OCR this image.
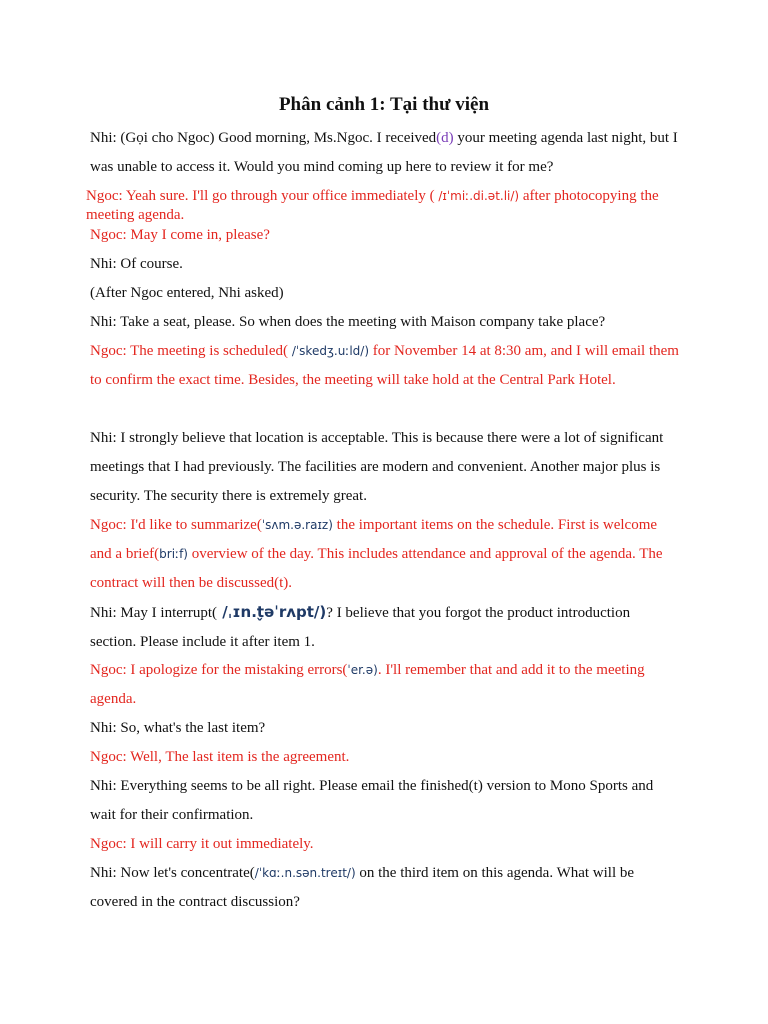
Phân cảnh 1: Tại thư viện

Nhi: (Gọi cho Ngoc) Good morning, Ms.Ngoc. I received(d) your meeting agenda last night, but I was unable to access it. Would you mind coming up here to review it for me?

Ngoc: Yeah sure. I'll go through your office immediately ( /ɪˈmiː.di.ət.li/) after photocopying the meeting agenda.

Ngoc: May I come in, please?

Nhi: Of course.

(After Ngoc entered, Nhi asked)

Nhi: Take a seat, please. So when does the meeting with Maison company take place?

Ngoc: The meeting is scheduled( /ˈskedʒ.uːld/) for November 14 at 8:30 am, and I will email them to confirm the exact time. Besides, the meeting will take hold at the Central Park Hotel.

Nhi: I strongly believe that location is acceptable. This is because there were a lot of significant meetings that I had previously. The facilities are modern and convenient. Another major plus is security. The security there is extremely great.

Ngoc: I'd like to summarize(ˈsʌm.ə.raɪz) the important items on the schedule. First is welcome and a brief(briːf) overview of the day. This includes attendance and approval of the agenda. The contract will then be discussed(t).

Nhi: May I interrupt( /ˌɪn.t̬əˈrʌpt/)? I believe that you forgot the product introduction section. Please include it after item 1.

Ngoc: I apologize for the mistaking errors(ˈer.ə). I'll remember that and add it to the meeting agenda.

Nhi: So, what's the last item?

Ngoc: Well, The last item is the agreement.

Nhi: Everything seems to be all right. Please email the finished(t) version to Mono Sports and wait for their confirmation.

Ngoc: I will carry it out immediately.

Nhi: Now let's concentrate(/ˈkɑː.n.sən.treɪt/) on the third item on this agenda. What will be covered in the contract discussion?
